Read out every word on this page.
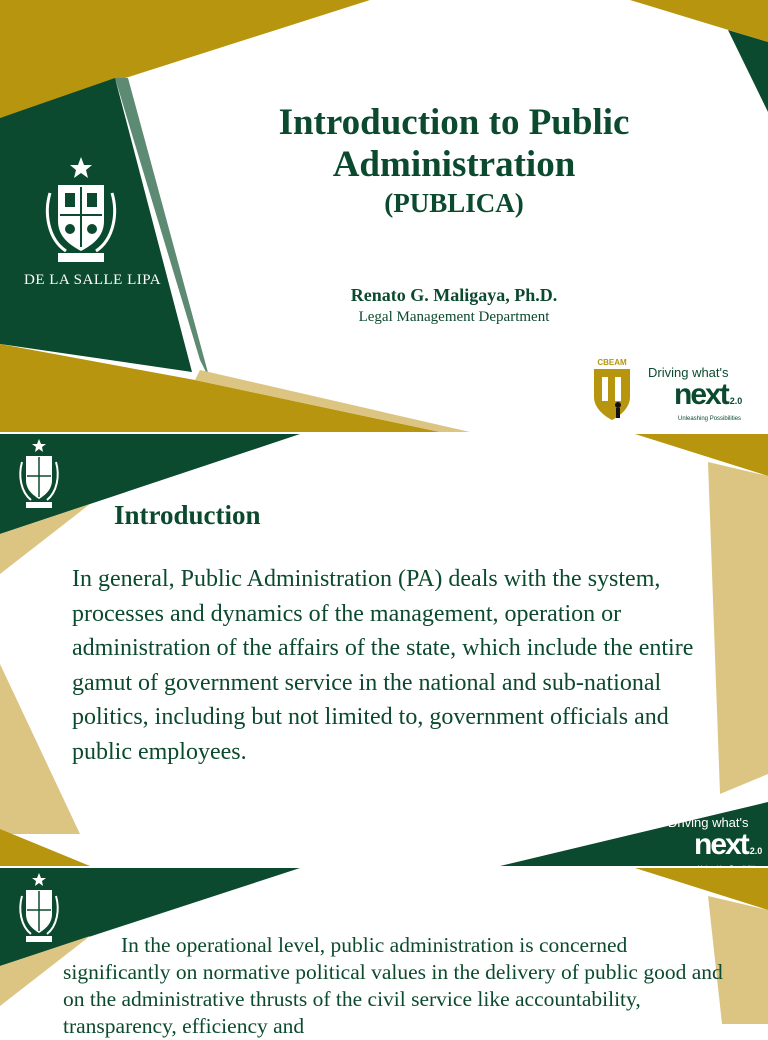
DE LA SALLE LIPA
Introduction to Public Administration
(PUBLICA)
Renato G. Maligaya, Ph.D.
Legal Management Department
CBEAM
Driving what's
next 2.0
Unleashing Possibilities
Introduction

In general, Public Administration (PA) deals with the system, processes and dynamics of the management, operation or administration of the affairs of the state, which include the entire gamut of government service in the national and sub-national politics, including but not limited to, government officials and public employees.

Driving what's
next 2.0

In the operational level, public administration is concerned significantly on normative political values in the delivery of public good and on the administrative thrusts of the civil service like accountability, transparency, efficiency and
